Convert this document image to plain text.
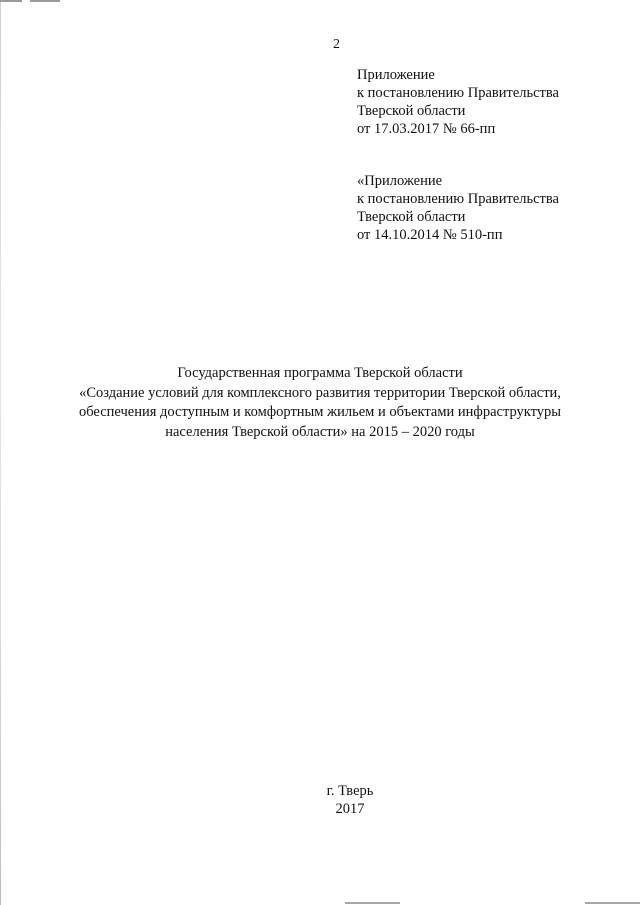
2
Приложение
к постановлению Правительства
Тверской области
от 17.03.2017 № 66-пп
«Приложение
к постановлению Правительства
Тверской области
от 14.10.2014 № 510-пп
Государственная программа Тверской области
«Создание условий для комплексного развития территории Тверской области,
обеспечения доступным и комфортным жильем и объектами инфраструктуры
населения Тверской области» на 2015 – 2020 годы
г. Тверь
2017
